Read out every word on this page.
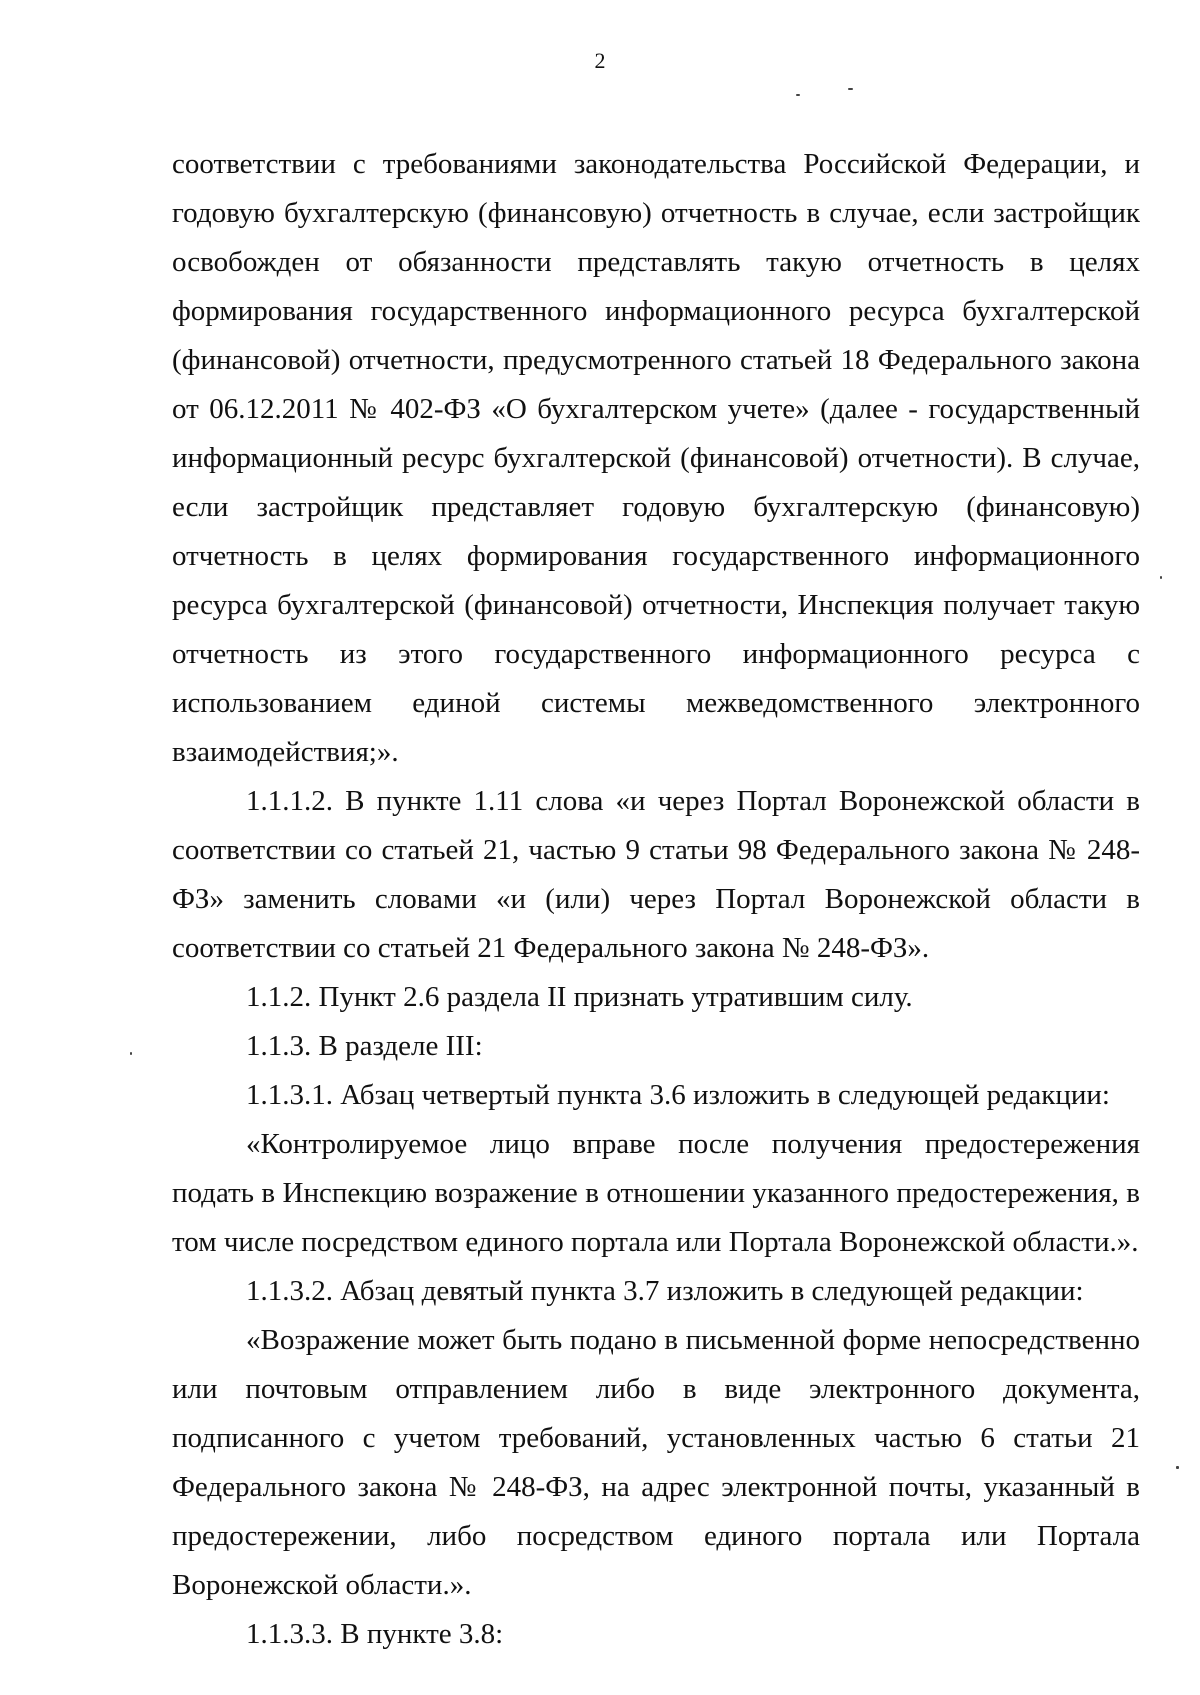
2

соответствии с требованиями законодательства Российской Федерации, и годовую бухгалтерскую (финансовую) отчетность в случае, если застройщик освобожден от обязанности представлять такую отчетность в целях формирования государственного информационного ресурса бухгалтерской (финансовой) отчетности, предусмотренного статьей 18 Федерального закона от 06.12.2011 № 402-ФЗ «О бухгалтерском учете» (далее - государственный информационный ресурс бухгалтерской (финансовой) отчетности). В случае, если застройщик представляет годовую бухгалтерскую (финансовую) отчетность в целях формирования государственного информационного ресурса бухгалтерской (финансовой) отчетности, Инспекция получает такую отчетность из этого государственного информационного ресурса с использованием единой системы межведомственного электронного взаимодействия;».

1.1.1.2. В пункте 1.11 слова «и через Портал Воронежской области в соответствии со статьей 21, частью 9 статьи 98 Федерального закона № 248-ФЗ» заменить словами «и (или) через Портал Воронежской области в соответствии со статьей 21 Федерального закона № 248-ФЗ».

1.1.2. Пункт 2.6 раздела II признать утратившим силу.

1.1.3. В разделе III:

1.1.3.1. Абзац четвертый пункта 3.6 изложить в следующей редакции:

«Контролируемое лицо вправе после получения предостережения подать в Инспекцию возражение в отношении указанного предостережения, в том числе посредством единого портала или Портала Воронежской области.».

1.1.3.2. Абзац девятый пункта 3.7 изложить в следующей редакции:

«Возражение может быть подано в письменной форме непосредственно или почтовым отправлением либо в виде электронного документа, подписанного с учетом требований, установленных частью 6 статьи 21 Федерального закона № 248-ФЗ, на адрес электронной почты, указанный в предостережении, либо посредством единого портала или Портала Воронежской области.».

1.1.3.3. В пункте 3.8:
